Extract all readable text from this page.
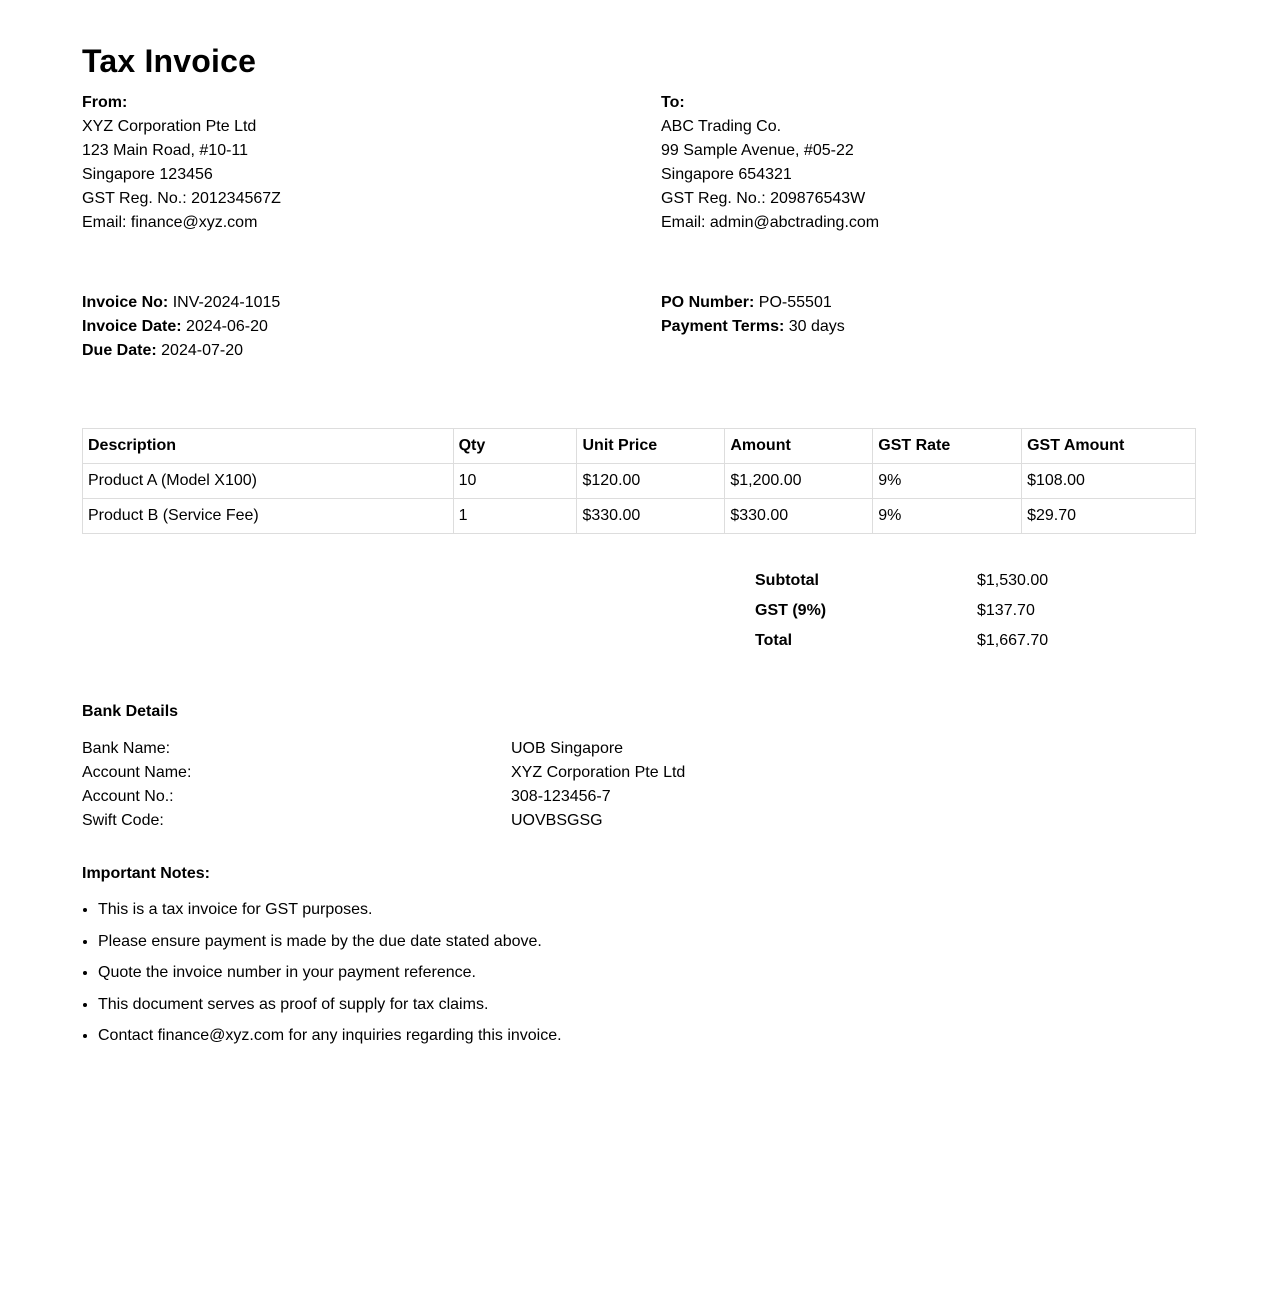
Tax Invoice
From:
XYZ Corporation Pte Ltd
123 Main Road, #10-11
Singapore 123456
GST Reg. No.: 201234567Z
Email: finance@xyz.com
To:
ABC Trading Co.
99 Sample Avenue, #05-22
Singapore 654321
GST Reg. No.: 209876543W
Email: admin@abctrading.com
Invoice No: INV-2024-1015
Invoice Date: 2024-06-20
Due Date: 2024-07-20
PO Number: PO-55501
Payment Terms: 30 days
Description	Qty	Unit Price	Amount	GST Rate	GST Amount
Product A (Model X100)	10	$120.00	$1,200.00	9%	$108.00
Product B (Service Fee)	1	$330.00	$330.00	9%	$29.70
Subtotal	$1,530.00
GST (9%)	$137.70
Total	$1,667.70
Bank Details
Bank Name:	UOB Singapore
Account Name:	XYZ Corporation Pte Ltd
Account No.:	308-123456-7
Swift Code:	UOVBSGSG
Important Notes:
• This is a tax invoice for GST purposes.
• Please ensure payment is made by the due date stated above.
• Quote the invoice number in your payment reference.
• This document serves as proof of supply for tax claims.
• Contact finance@xyz.com for any inquiries regarding this invoice.
